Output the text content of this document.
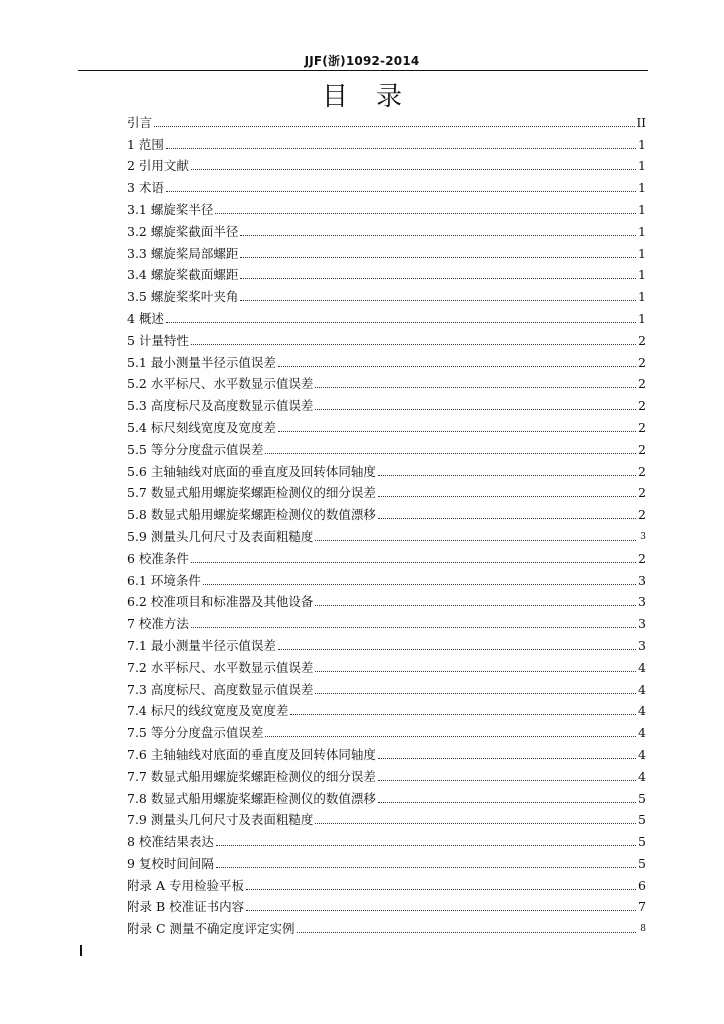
JJF(浙)1092-2014
目录
引言	II
1 范围	1
2 引用文献	1
3 术语	1
3.1 螺旋桨半径	1
3.2 螺旋桨截面半径	1
3.3 螺旋桨局部螺距	1
3.4 螺旋桨截面螺距	1
3.5 螺旋桨桨叶夹角	1
4 概述	1
5 计量特性	2
5.1 最小测量半径示值误差	2
5.2 水平标尺、水平数显示值误差	2
5.3 高度标尺及高度数显示值误差	2
5.4 标尺刻线宽度及宽度差	2
5.5 等分分度盘示值误差	2
5.6 主轴轴线对底面的垂直度及回转体同轴度	2
5.7 数显式船用螺旋桨螺距检测仪的细分误差	2
5.8 数显式船用螺旋桨螺距检测仪的数值漂移	2
5.9 测量头几何尺寸及表面粗糙度	3
6 校准条件	2
6.1 环境条件	3
6.2 校准项目和标准器及其他设备	3
7 校准方法	3
7.1 最小测量半径示值误差	3
7.2 水平标尺、水平数显示值误差	4
7.3 高度标尺、高度数显示值误差	4
7.4 标尺的线纹宽度及宽度差	4
7.5 等分分度盘示值误差	4
7.6 主轴轴线对底面的垂直度及回转体同轴度	4
7.7 数显式船用螺旋桨螺距检测仪的细分误差	4
7.8 数显式船用螺旋桨螺距检测仪的数值漂移	5
7.9 测量头几何尺寸及表面粗糙度	5
8 校准结果表达	5
9 复校时间间隔	5
附录 A 专用检验平板	6
附录 B 校准证书内容	7
附录 C 测量不确定度评定实例	8
